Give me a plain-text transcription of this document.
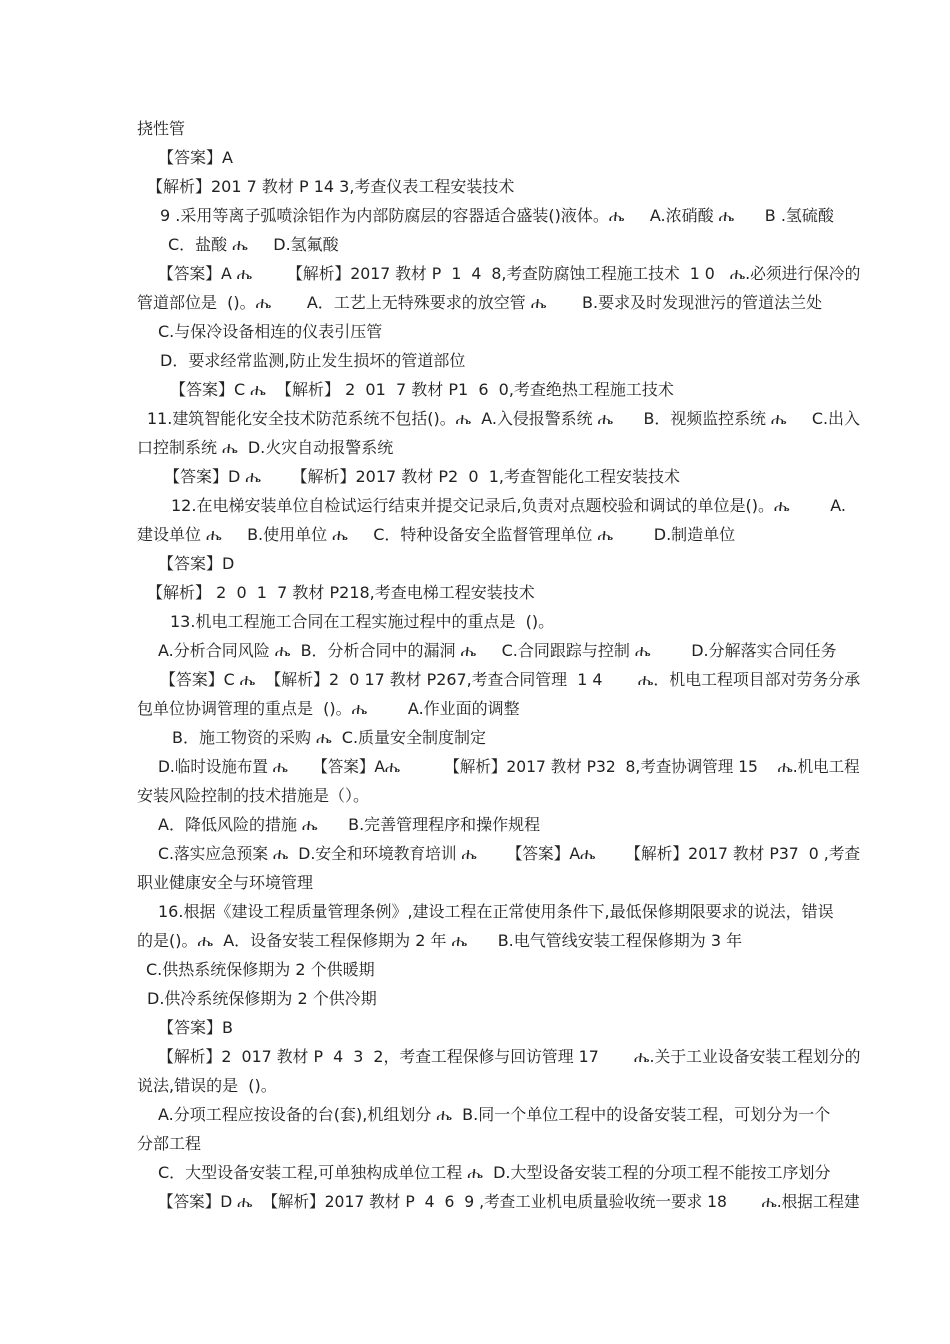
挠性管
【答案】A
【解析】201 7 教材 P 14 3,考查仪表工程安装技术
9 .采用等离子弧喷涂铝作为内部防腐层的容器适合盛装()液体。ሔ     A.浓硝酸 ሔ      B .氢硫酸
C．盐酸 ሔ     D.氢氟酸
【答案】A ሔ       【解析】2017 教材 P  1  4  8,考查防腐蚀工程施工技术  1 0   ሔ.必须进行保冷的
管道部位是  ()。ሔ       A．工艺上无特殊要求的放空管 ሔ       B.要求及时发现泄污的管道法兰处
C.与保冷设备相连的仪表引压管
D．要求经常监测,防止发生损坏的管道部位
【答案】C ሔ  【解析】 2  01  7 教材 P1  6  0,考查绝热工程施工技术
11.建筑智能化安全技术防范系统不包括()。ሔ  A.入侵报警系统 ሔ      B．视频监控系统 ሔ     C.出入
口控制系统 ሔ  D.火灾自动报警系统
【答案】D ሔ      【解析】2017 教材 P2  0  1,考查智能化工程安装技术
12.在电梯安装单位自检试运行结束并提交记录后,负责对点题校验和调试的单位是()。ሔ        A.
建设单位 ሔ     B.使用单位 ሔ     C．特种设备安全监督管理单位 ሔ        D.制造单位
【答案】D
【解析】 2  0  1  7 教材 P218,考查电梯工程安装技术
13.机电工程施工合同在工程实施过程中的重点是  ()。
A.分析合同风险 ሔ  B．分析合同中的漏洞 ሔ     C.合同跟踪与控制 ሔ        D.分解落实合同任务
【答案】C ሔ  【解析】2  0 17 教材 P267,考查合同管理  1 4       ሔ．机电工程项目部对劳务分承
包单位协调管理的重点是  ()。ሔ        A.作业面的调整
B．施工物资的采购 ሔ  C.质量安全制度制定
D.临时设施布置 ሔ     【答案】Aሔ         【解析】2017 教材 P32  8,考查协调管理 15    ሔ.机电工程
安装风险控制的技术措施是（）。
A．降低风险的措施 ሔ      B.完善管理程序和操作规程
C.落实应急预案 ሔ  D.安全和环境教育培训 ሔ      【答案】Aሔ      【解析】2017 教材 P37  0 ,考查
职业健康安全与环境管理
16.根据《建设工程质量管理条例》,建设工程在正常使用条件下,最低保修期限要求的说法，错误
的是()。ሔ  A．设备安装工程保修期为 2 年 ሔ      B.电气管线安装工程保修期为 3 年
C.供热系统保修期为 2 个供暖期
D.供冷系统保修期为 2 个供冷期
【答案】B
【解析】2  017 教材 P  4  3  2，考查工程保修与回访管理 17       ሔ.关于工业设备安装工程划分的
说法,错误的是  ()。
A.分项工程应按设备的台(套),机组划分 ሔ  B.同一个单位工程中的设备安装工程，可划分为一个
分部工程
C．大型设备安装工程,可单独构成单位工程 ሔ  D.大型设备安装工程的分项工程不能按工序划分
【答案】D ሔ  【解析】2017 教材 P  4  6  9 ,考查工业机电质量验收统一要求 18       ሔ.根据工程建
